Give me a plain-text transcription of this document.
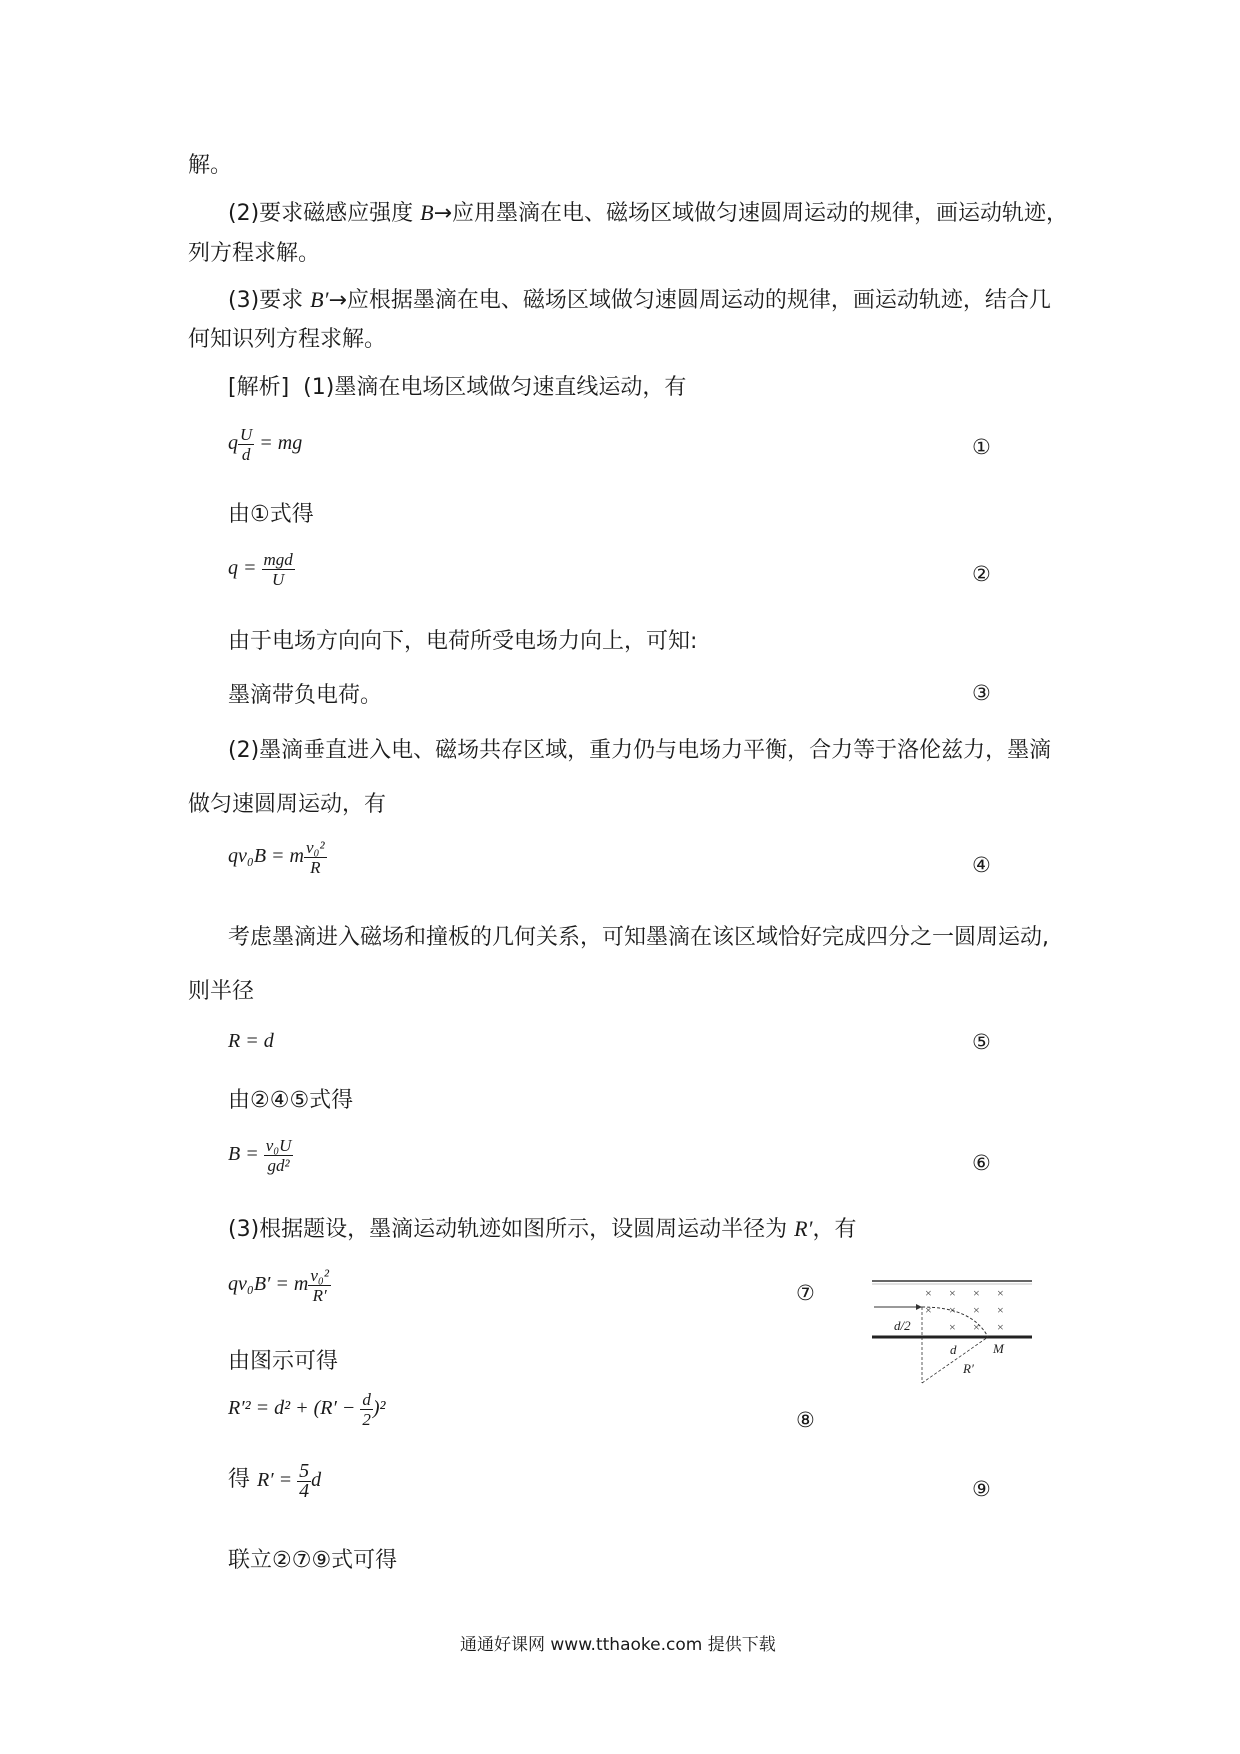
解。
(2)要求磁感应强度 B→应用墨滴在电、磁场区域做匀速圆周运动的规律，画运动轨迹，
列方程求解。
(3)要求 B′→应根据墨滴在电、磁场区域做匀速圆周运动的规律，画运动轨迹，结合几
何知识列方程求解。
[解析] (1)墨滴在电场区域做匀速直线运动，有
q $\frac{U}{d}$ = mg	①
由①式得
$q = \frac{\text{mgd}}{U}$	②
由于电场方向向下，电荷所受电场力向上，可知:
墨滴带负电荷。	③
(2)墨滴垂直进入电、磁场共存区域，重力仍与电场力平衡，合力等于洛伦兹力，墨滴
做匀速圆周运动，有
qv₀B = m $\frac{\text{v₀²}}{R}$	④
考虑墨滴进入磁场和撞板的几何关系，可知墨滴在该区域恰好完成四分之一圆周运动,
则半径
R = d	⑤
由②④⑤式得
$B = \frac{\text{v₀U}}{\text{gd²}}$	⑥
(3)根据题设，墨滴运动轨迹如图所示，设圆周运动半径为 R′，有
qv₀B′ = m $\frac{\text{v₀²}}{R'}$	⑦
由图示可得
$R'^2 = d^2 + (R' - \frac{d}{2} )^2$	⑧
得 $R' = \frac{5}{4}$ d	⑨
联立②⑦⑨式可得
× × × ×
× × × ×
× × ×
d/2
d	M
R′
通通好课网 www.tthaoke.com 提供下载
